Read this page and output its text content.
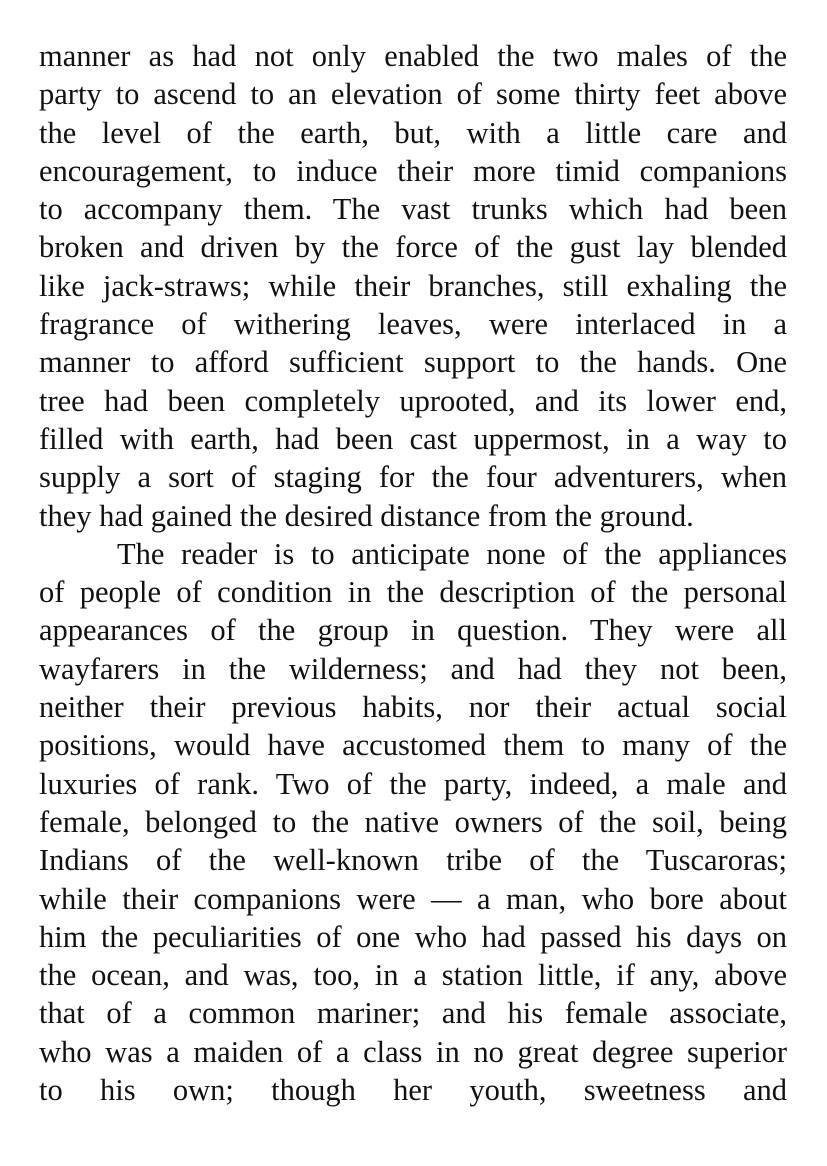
manner as had not only enabled the two males of the
party to ascend to an elevation of some thirty feet above
the level of the earth, but, with a little care and
encouragement, to induce their more timid companions
to accompany them. The vast trunks which had been
broken and driven by the force of the gust lay blended
like jack-straws; while their branches, still exhaling the
fragrance of withering leaves, were interlaced in a
manner to afford sufficient support to the hands. One
tree had been completely uprooted, and its lower end,
filled with earth, had been cast uppermost, in a way to
supply a sort of staging for the four adventurers, when
they had gained the desired distance from the ground.
The reader is to anticipate none of the appliances
of people of condition in the description of the personal
appearances of the group in question. They were all
wayfarers in the wilderness; and had they not been,
neither their previous habits, nor their actual social
positions, would have accustomed them to many of the
luxuries of rank. Two of the party, indeed, a male and
female, belonged to the native owners of the soil, being
Indians of the well-known tribe of the Tuscaroras;
while their companions were — a man, who bore about
him the peculiarities of one who had passed his days on
the ocean, and was, too, in a station little, if any, above
that of a common mariner; and his female associate,
who was a maiden of a class in no great degree superior
to his own; though her youth, sweetness and
